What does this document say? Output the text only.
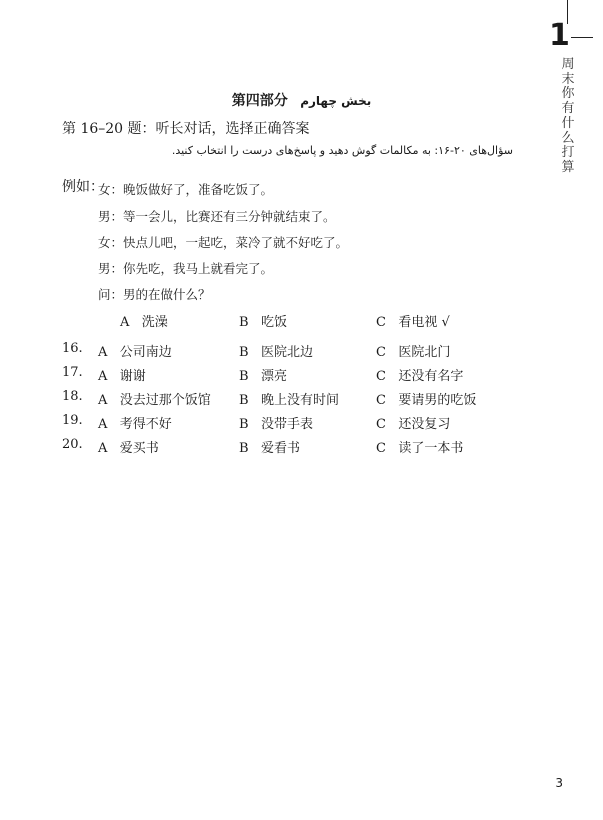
1
周末你有什么打算
第四部分 بخش چهارم
第 16–20 题：听长对话，选择正确答案
سؤال‌های ۲۰-۱۶: به مکالمات گوش دهید و پاسخ‌های درست را انتخاب کنید.
例如：
女：晚饭做好了，准备吃饭了。
男：等一会儿，比赛还有三分钟就结束了。
女：快点儿吧，一起吃，菜冷了就不好吃了。
男：你先吃，我马上就看完了。
问：男的在做什么？
A 洗澡	B 吃饭	C 看电视 √
16. A 公司南边	B 医院北边	C 医院北门
17. A 谢谢	B 漂亮	C 还没有名字
18. A 没去过那个饭馆 B 晚上没有时间	C 要请男的吃饭
19. A 考得不好	B 没带手表	C 还没复习
20. A 爱买书	B 爱看书	C 读了一本书
3
